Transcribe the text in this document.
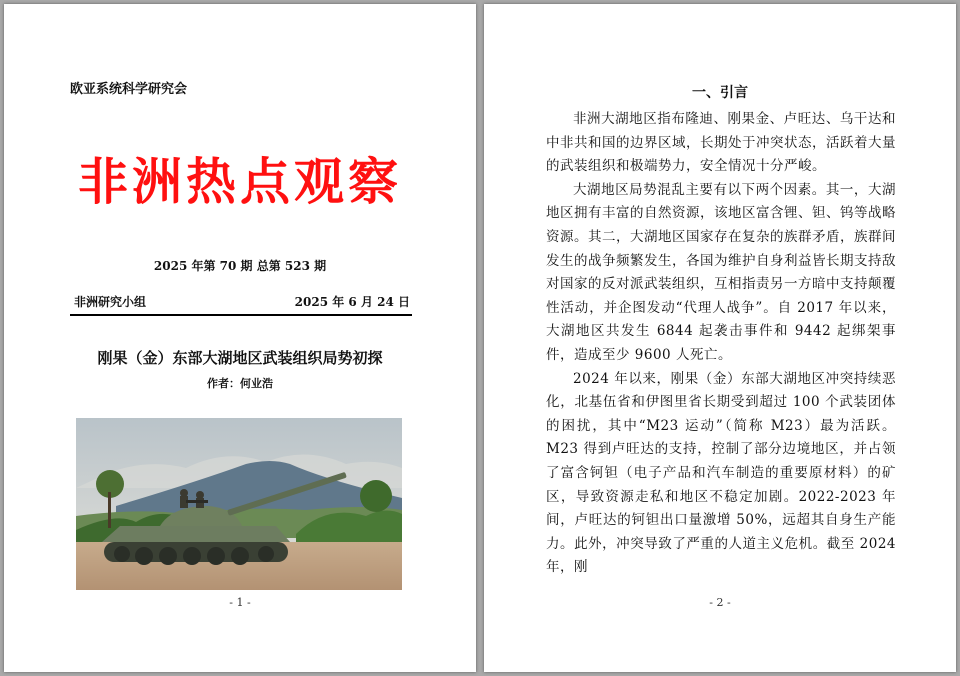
欧亚系统科学研究会
非洲热点观察
2025 年第 70 期 总第 523 期
非洲研究小组	2025 年 6 月 24 日
刚果（金）东部大湖地区武装组织局势初探
作者：何业浩
- 1 -
一、引言

非洲大湖地区指布隆迪、刚果金、卢旺达、乌干达和中非共和国的边界区域，长期处于冲突状态，活跃着大量的武装组织和极端势力，安全情况十分严峻。

大湖地区局势混乱主要有以下两个因素。其一，大湖地区拥有丰富的自然资源，该地区富含锂、钽、钨等战略资源。其二，大湖地区国家存在复杂的族群矛盾，族群间发生的战争频繁发生，各国为维护自身利益皆长期支持敌对国家的反对派武装组织，互相指责另一方暗中支持颠覆性活动，并企图发动“代理人战争”。自 2017 年以来，大湖地区共发生 6844 起袭击事件和 9442 起绑架事件，造成至少 9600 人死亡。

2024 年以来，刚果（金）东部大湖地区冲突持续恶化，北基伍省和伊图里省长期受到超过 100 个武装团体的困扰，其中“M23 运动”（简称 M23）最为活跃。M23 得到卢旺达的支持，控制了部分边境地区，并占领了富含钶钽（电子产品和汽车制造的重要原材料）的矿区，导致资源走私和地区不稳定加剧。2022-2023 年间，卢旺达的钶钽出口量激增 50%，远超其自身生产能力。此外，冲突导致了严重的人道主义危机。截至 2024 年，刚

- 2 -
